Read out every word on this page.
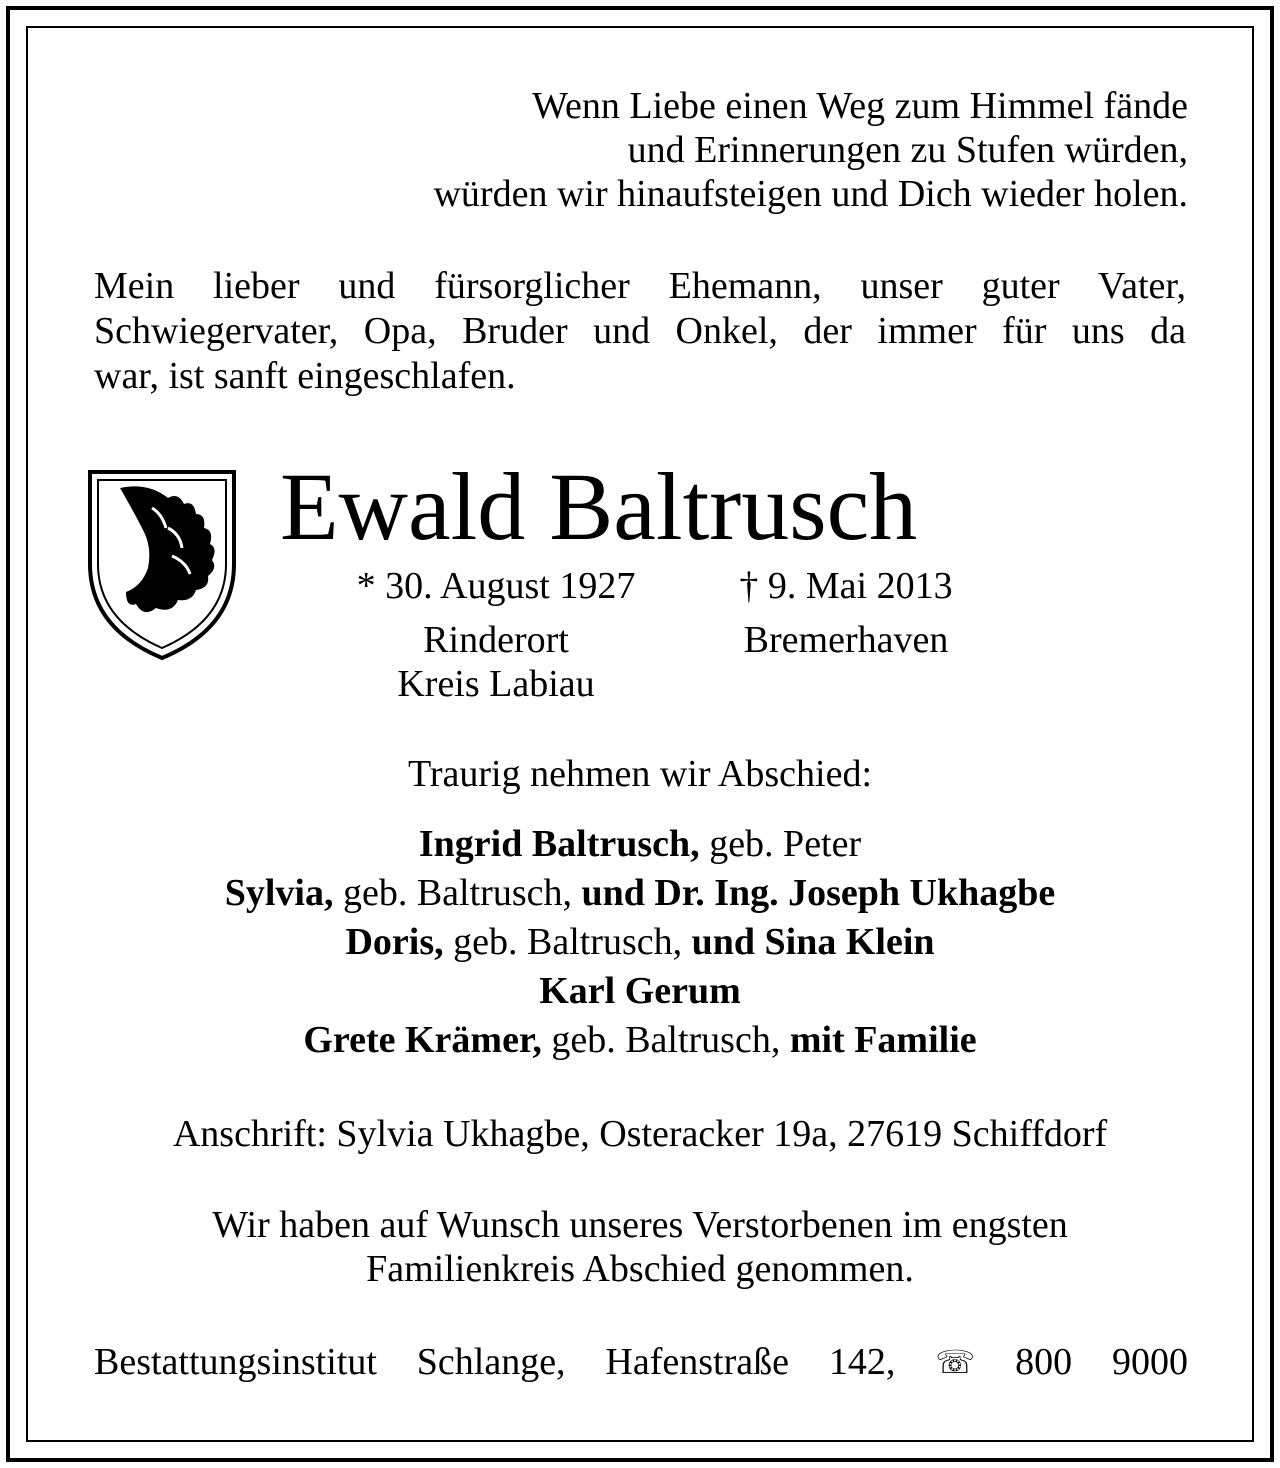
Wenn Liebe einen Weg zum Himmel fände

und Erinnerungen zu Stufen würden,

würden wir hinaufsteigen und Dich wieder holen.

Mein lieber und fürsorglicher Ehemann, unser guter Vater,

Schwiegervater, Opa, Bruder und Onkel, der immer für uns da

war, ist sanft eingeschlafen.

Ewald Baltrusch
* 30. August 1927
Rinderort
Kreis Labiau
† 9. Mai 2013
Bremerhaven
Traurig nehmen wir Abschied:
Ingrid Baltrusch, geb. Peter
Sylvia, geb. Baltrusch, und Dr. Ing. Joseph Ukhagbe
Doris, geb. Baltrusch, und Sina Klein
Karl Gerum
Grete Krämer, geb. Baltrusch, mit Familie
Anschrift: Sylvia Ukhagbe, Osteracker 19a, 27619 Schiffdorf
Wir haben auf Wunsch unseres Verstorbenen im engsten
Familienkreis Abschied genommen.
Bestattungsinstitut Schlange, Hafenstraße 142, ☏ 800 9000
